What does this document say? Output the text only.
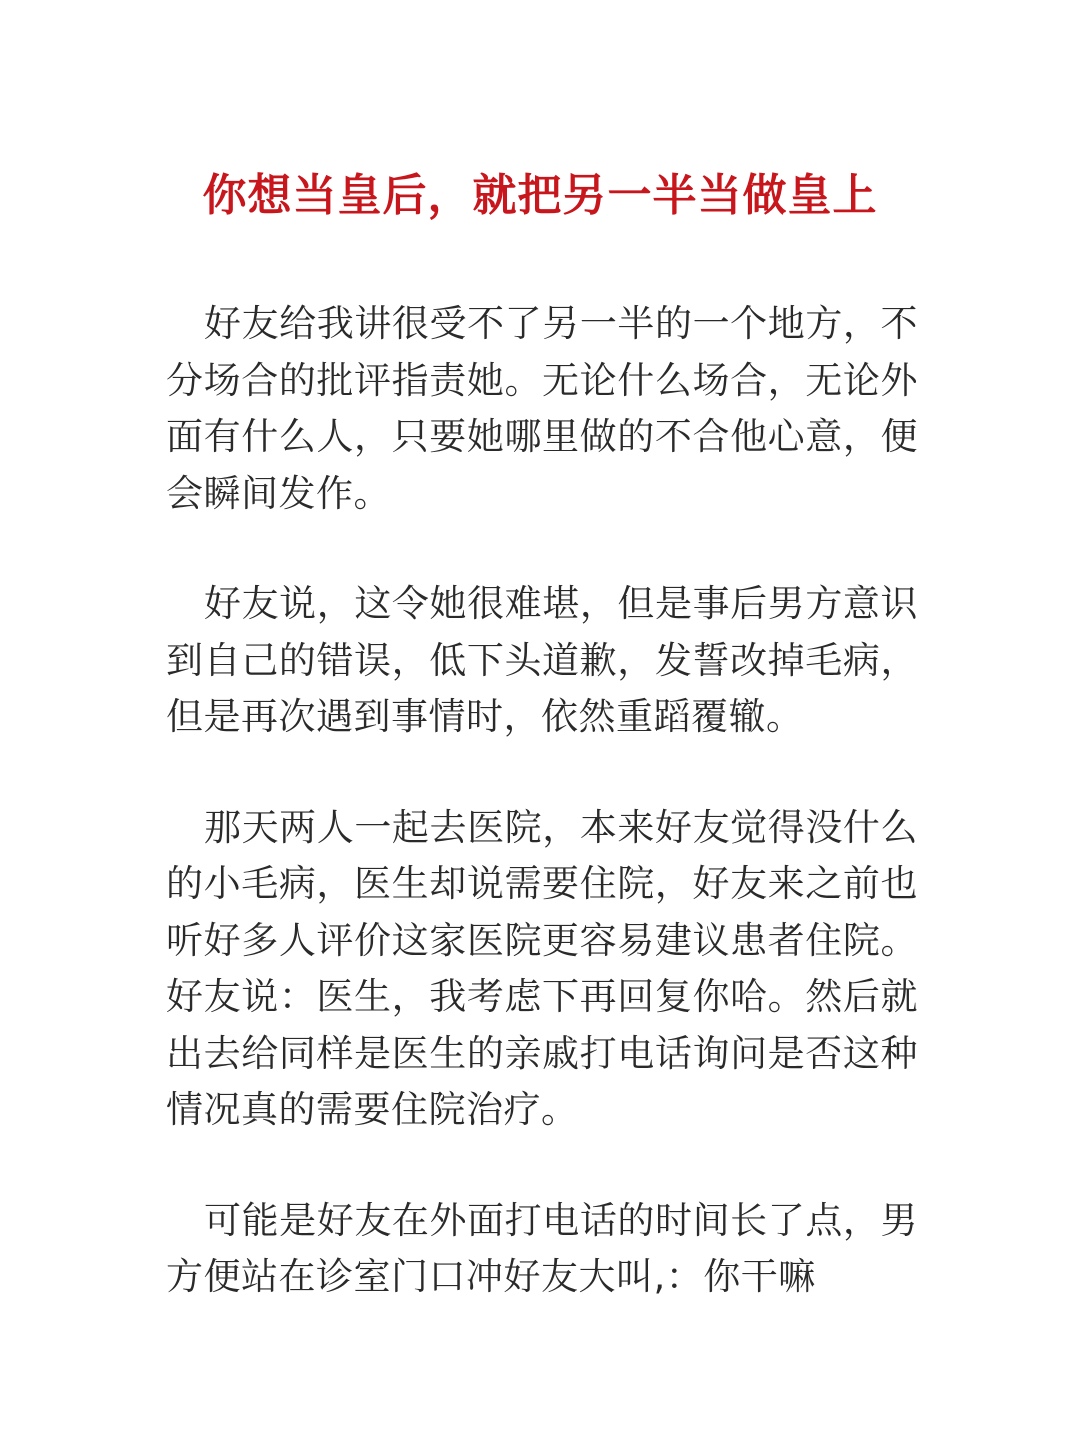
你想当皇后，就把另一半当做皇上

好友给我讲很受不了另一半的一个地方，不分场合的批评指责她。无论什么场合，无论外面有什么人，只要她哪里做的不合他心意，便会瞬间发作。

好友说，这令她很难堪，但是事后男方意识到自己的错误，低下头道歉，发誓改掉毛病，但是再次遇到事情时，依然重蹈覆辙。

那天两人一起去医院，本来好友觉得没什么的小毛病，医生却说需要住院，好友来之前也听好多人评价这家医院更容易建议患者住院。好友说：医生，我考虑下再回复你哈。然后就出去给同样是医生的亲戚打电话询问是否这种情况真的需要住院治疗。

可能是好友在外面打电话的时间长了点，男方便站在诊室门口冲好友大叫,：你干嘛
